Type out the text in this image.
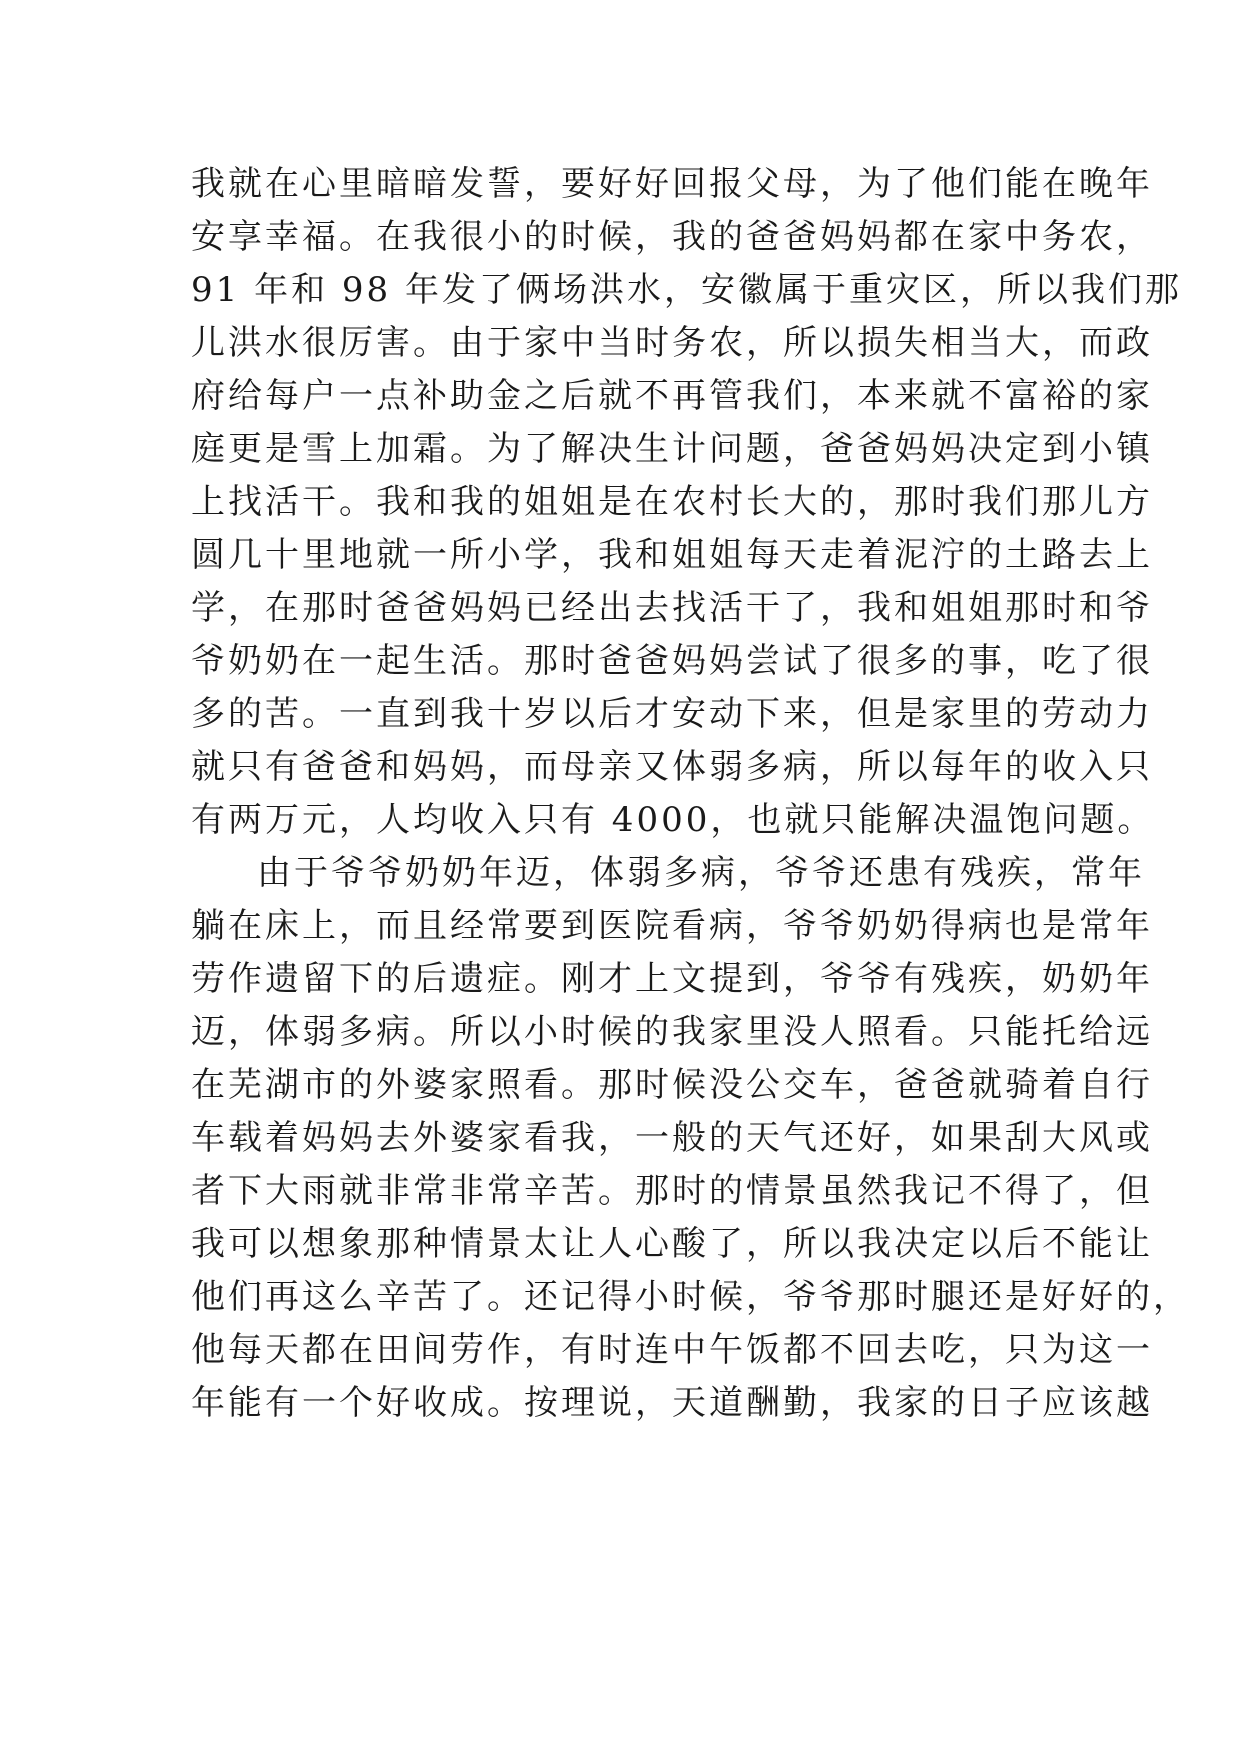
我就在心里暗暗发誓，要好好回报父母，为了他们能在晚年
安享幸福。在我很小的时候，我的爸爸妈妈都在家中务农，
91 年和 98 年发了俩场洪水，安徽属于重灾区，所以我们那
儿洪水很厉害。由于家中当时务农，所以损失相当大，而政
府给每户一点补助金之后就不再管我们，本来就不富裕的家
庭更是雪上加霜。为了解决生计问题，爸爸妈妈决定到小镇
上找活干。我和我的姐姐是在农村长大的，那时我们那儿方
圆几十里地就一所小学，我和姐姐每天走着泥泞的土路去上
学，在那时爸爸妈妈已经出去找活干了，我和姐姐那时和爷
爷奶奶在一起生活。那时爸爸妈妈尝试了很多的事，吃了很
多的苦。一直到我十岁以后才安动下来，但是家里的劳动力
就只有爸爸和妈妈，而母亲又体弱多病，所以每年的收入只
有两万元，人均收入只有 4000，也就只能解决温饱问题。
由于爷爷奶奶年迈，体弱多病，爷爷还患有残疾，常年
躺在床上，而且经常要到医院看病，爷爷奶奶得病也是常年
劳作遗留下的后遗症。刚才上文提到，爷爷有残疾，奶奶年
迈，体弱多病。所以小时候的我家里没人照看。只能托给远
在芜湖市的外婆家照看。那时候没公交车，爸爸就骑着自行
车载着妈妈去外婆家看我，一般的天气还好，如果刮大风或
者下大雨就非常非常辛苦。那时的情景虽然我记不得了，但
我可以想象那种情景太让人心酸了，所以我决定以后不能让
他们再这么辛苦了。还记得小时候，爷爷那时腿还是好好的，
他每天都在田间劳作，有时连中午饭都不回去吃，只为这一
年能有一个好收成。按理说，天道酬勤，我家的日子应该越
